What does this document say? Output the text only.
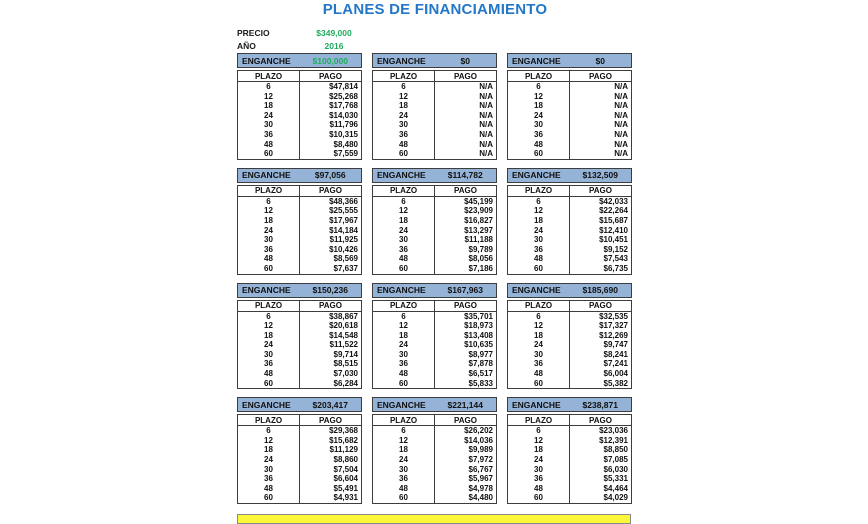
PLANES DE FINANCIAMIENTO
PRECIO	$349,000
AÑO	2016
ENGANCHE	$100,000
PLAZO	PAGO
6	$47,814
12	$25,268
18	$17,768
24	$14,030
30	$11,796
36	$10,315
48	$8,480
60	$7,559
ENGANCHE	$0
PLAZO	PAGO
6	N/A
12	N/A
18	N/A
24	N/A
30	N/A
36	N/A
48	N/A
60	N/A
ENGANCHE	$0
PLAZO	PAGO
6	N/A
12	N/A
18	N/A
24	N/A
30	N/A
36	N/A
48	N/A
60	N/A
ENGANCHE	$97,056
PLAZO	PAGO
6	$48,366
12	$25,555
18	$17,967
24	$14,184
30	$11,925
36	$10,426
48	$8,569
60	$7,637
ENGANCHE	$114,782
PLAZO	PAGO
6	$45,199
12	$23,909
18	$16,827
24	$13,297
30	$11,188
36	$9,789
48	$8,056
60	$7,186
ENGANCHE	$132,509
PLAZO	PAGO
6	$42,033
12	$22,264
18	$15,687
24	$12,410
30	$10,451
36	$9,152
48	$7,543
60	$6,735
ENGANCHE	$150,236
PLAZO	PAGO
6	$38,867
12	$20,618
18	$14,548
24	$11,522
30	$9,714
36	$8,515
48	$7,030
60	$6,284
ENGANCHE	$167,963
PLAZO	PAGO
6	$35,701
12	$18,973
18	$13,408
24	$10,635
30	$8,977
36	$7,878
48	$6,517
60	$5,833
ENGANCHE	$185,690
PLAZO	PAGO
6	$32,535
12	$17,327
18	$12,269
24	$9,747
30	$8,241
36	$7,241
48	$6,004
60	$5,382
ENGANCHE	$203,417
PLAZO	PAGO
6	$29,368
12	$15,682
18	$11,129
24	$8,860
30	$7,504
36	$6,604
48	$5,491
60	$4,931
ENGANCHE	$221,144
PLAZO	PAGO
6	$26,202
12	$14,036
18	$9,989
24	$7,972
30	$6,767
36	$5,967
48	$4,978
60	$4,480
ENGANCHE	$238,871
PLAZO	PAGO
6	$23,036
12	$12,391
18	$8,850
24	$7,085
30	$6,030
36	$5,331
48	$4,464
60	$4,029
